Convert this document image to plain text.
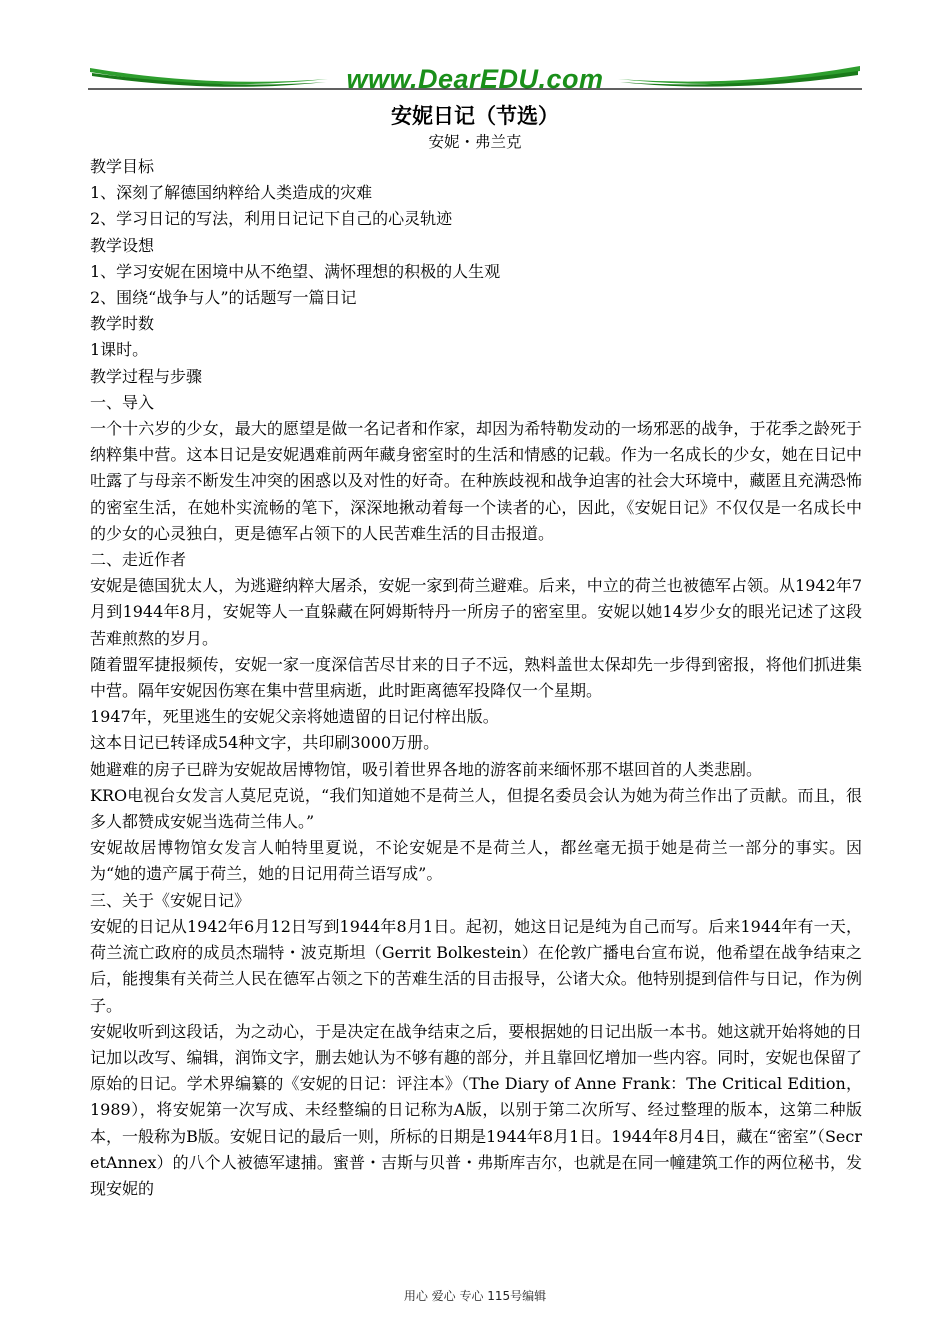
www.DearEDU.com
安妮日记（节选）
安妮・弗兰克

教学目标

1、深刻了解德国纳粹给人类造成的灾难

2、学习日记的写法，利用日记记下自己的心灵轨迹

教学设想

1、学习安妮在困境中从不绝望、满怀理想的积极的人生观

2、围绕“战争与人”的话题写一篇日记

教学时数

1课时。

教学过程与步骤

一、导入

一个十六岁的少女，最大的愿望是做一名记者和作家，却因为希特勒发动的一场邪恶的战争，于花季之龄死于纳粹集中营。这本日记是安妮遇难前两年藏身密室时的生活和情感的记载。作为一名成长的少女，她在日记中吐露了与母亲不断发生冲突的困惑以及对性的好奇。在种族歧视和战争迫害的社会大环境中，藏匿且充满恐怖的密室生活，在她朴实流畅的笔下，深深地揪动着每一个读者的心，因此，《安妮日记》不仅仅是一名成长中的少女的心灵独白，更是德军占领下的人民苦难生活的目击报道。

二、走近作者

安妮是德国犹太人，为逃避纳粹大屠杀，安妮一家到荷兰避难。后来，中立的荷兰也被德军占领。从1942年7月到1944年8月，安妮等人一直躲藏在阿姆斯特丹一所房子的密室里。安妮以她14岁少女的眼光记述了这段苦难煎熬的岁月。

随着盟军捷报频传，安妮一家一度深信苦尽甘来的日子不远，熟料盖世太保却先一步得到密报，将他们抓进集中营。隔年安妮因伤寒在集中营里病逝，此时距离德军投降仅一个星期。

1947年，死里逃生的安妮父亲将她遗留的日记付梓出版。

这本日记已转译成54种文字，共印刷3000万册。

她避难的房子已辟为安妮故居博物馆，吸引着世界各地的游客前来缅怀那不堪回首的人类悲剧。

KRO电视台女发言人莫尼克说，“我们知道她不是荷兰人，但提名委员会认为她为荷兰作出了贡献。而且，很多人都赞成安妮当选荷兰伟人。”

安妮故居博物馆女发言人帕特里夏说，不论安妮是不是荷兰人，都丝毫无损于她是荷兰一部分的事实。因为“她的遗产属于荷兰，她的日记用荷兰语写成”。

三、关于《安妮日记》

安妮的日记从1942年6月12日写到1944年8月1日。起初，她这日记是纯为自己而写。后来1944年有一天，荷兰流亡政府的成员杰瑞特・波克斯坦（Gerrit Bolkestein）在伦敦广播电台宣布说，他希望在战争结束之后，能搜集有关荷兰人民在德军占领之下的苦难生活的目击报导，公诸大众。他特别提到信件与日记，作为例子。

安妮收听到这段话，为之动心，于是决定在战争结束之后，要根据她的日记出版一本书。她这就开始将她的日记加以改写、编辑，润饰文字，删去她认为不够有趣的部分，并且靠回忆增加一些内容。同时，安妮也保留了原始的日记。学术界编纂的《安妮的日记：评注本》（The Diary of Anne Frank：The Critical Edition，1989），将安妮第一次写成、未经整编的日记称为A版，以别于第二次所写、经过整理的版本，这第二种版本，一般称为B版。安妮日记的最后一则，所标的日期是1944年8月1日。1944年8月4日，藏在“密室”（SecretAnnex）的八个人被德军逮捕。蜜普・吉斯与贝普・弗斯库吉尔，也就是在同一幢建筑工作的两位秘书，发现安妮的

用心 爱心 专心 115号编辑
